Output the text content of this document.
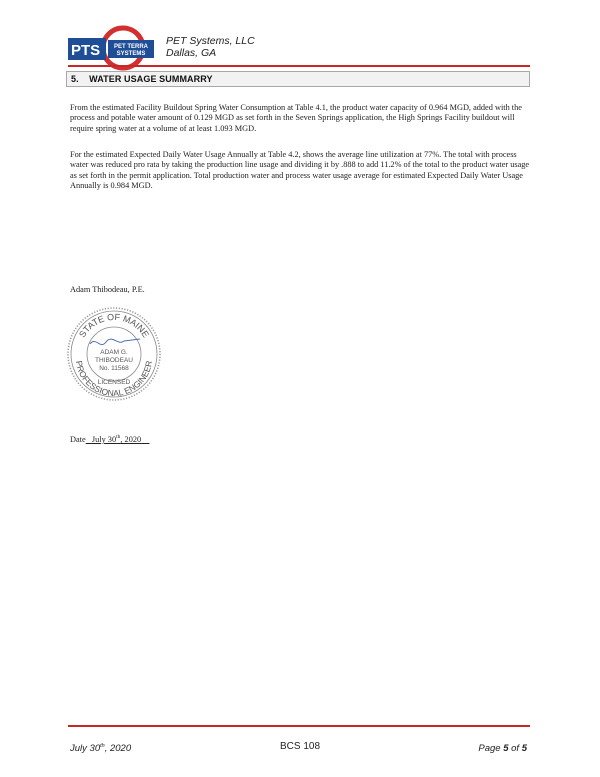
PTS PET TERRA
SYSTEMS
PET Systems, LLC
Dallas, GA
5.    WATER USAGE SUMMARRY

From the estimated Facility Buildout Spring Water Consumption at Table 4.1, the product water capacity of 0.964 MGD, added with the process and potable water amount of 0.129 MGD as set forth in the Seven Springs application, the High Springs Facility buildout will require spring water at a volume of at least 1.093 MGD.

For the estimated Expected Daily Water Usage Annually at Table 4.2, shows the average line utilization at 77%. The total with process water was reduced pro rata by taking the production line usage and dividing it by .888 to add 11.2% of the total to the product water usage as set forth in the permit application. Total production water and process water usage average for estimated Expected Daily Water Usage Annually is 0.984 MGD.

Adam Thibodeau, P.E.
STATE OF MAINE
PROFESSIONAL ENGINEER
ADAM G.
THIBODEAU
No. 11568
LICENSED
Date July 30th, 2020
July 30th, 2020	BCS 108	Page 5 of 5
